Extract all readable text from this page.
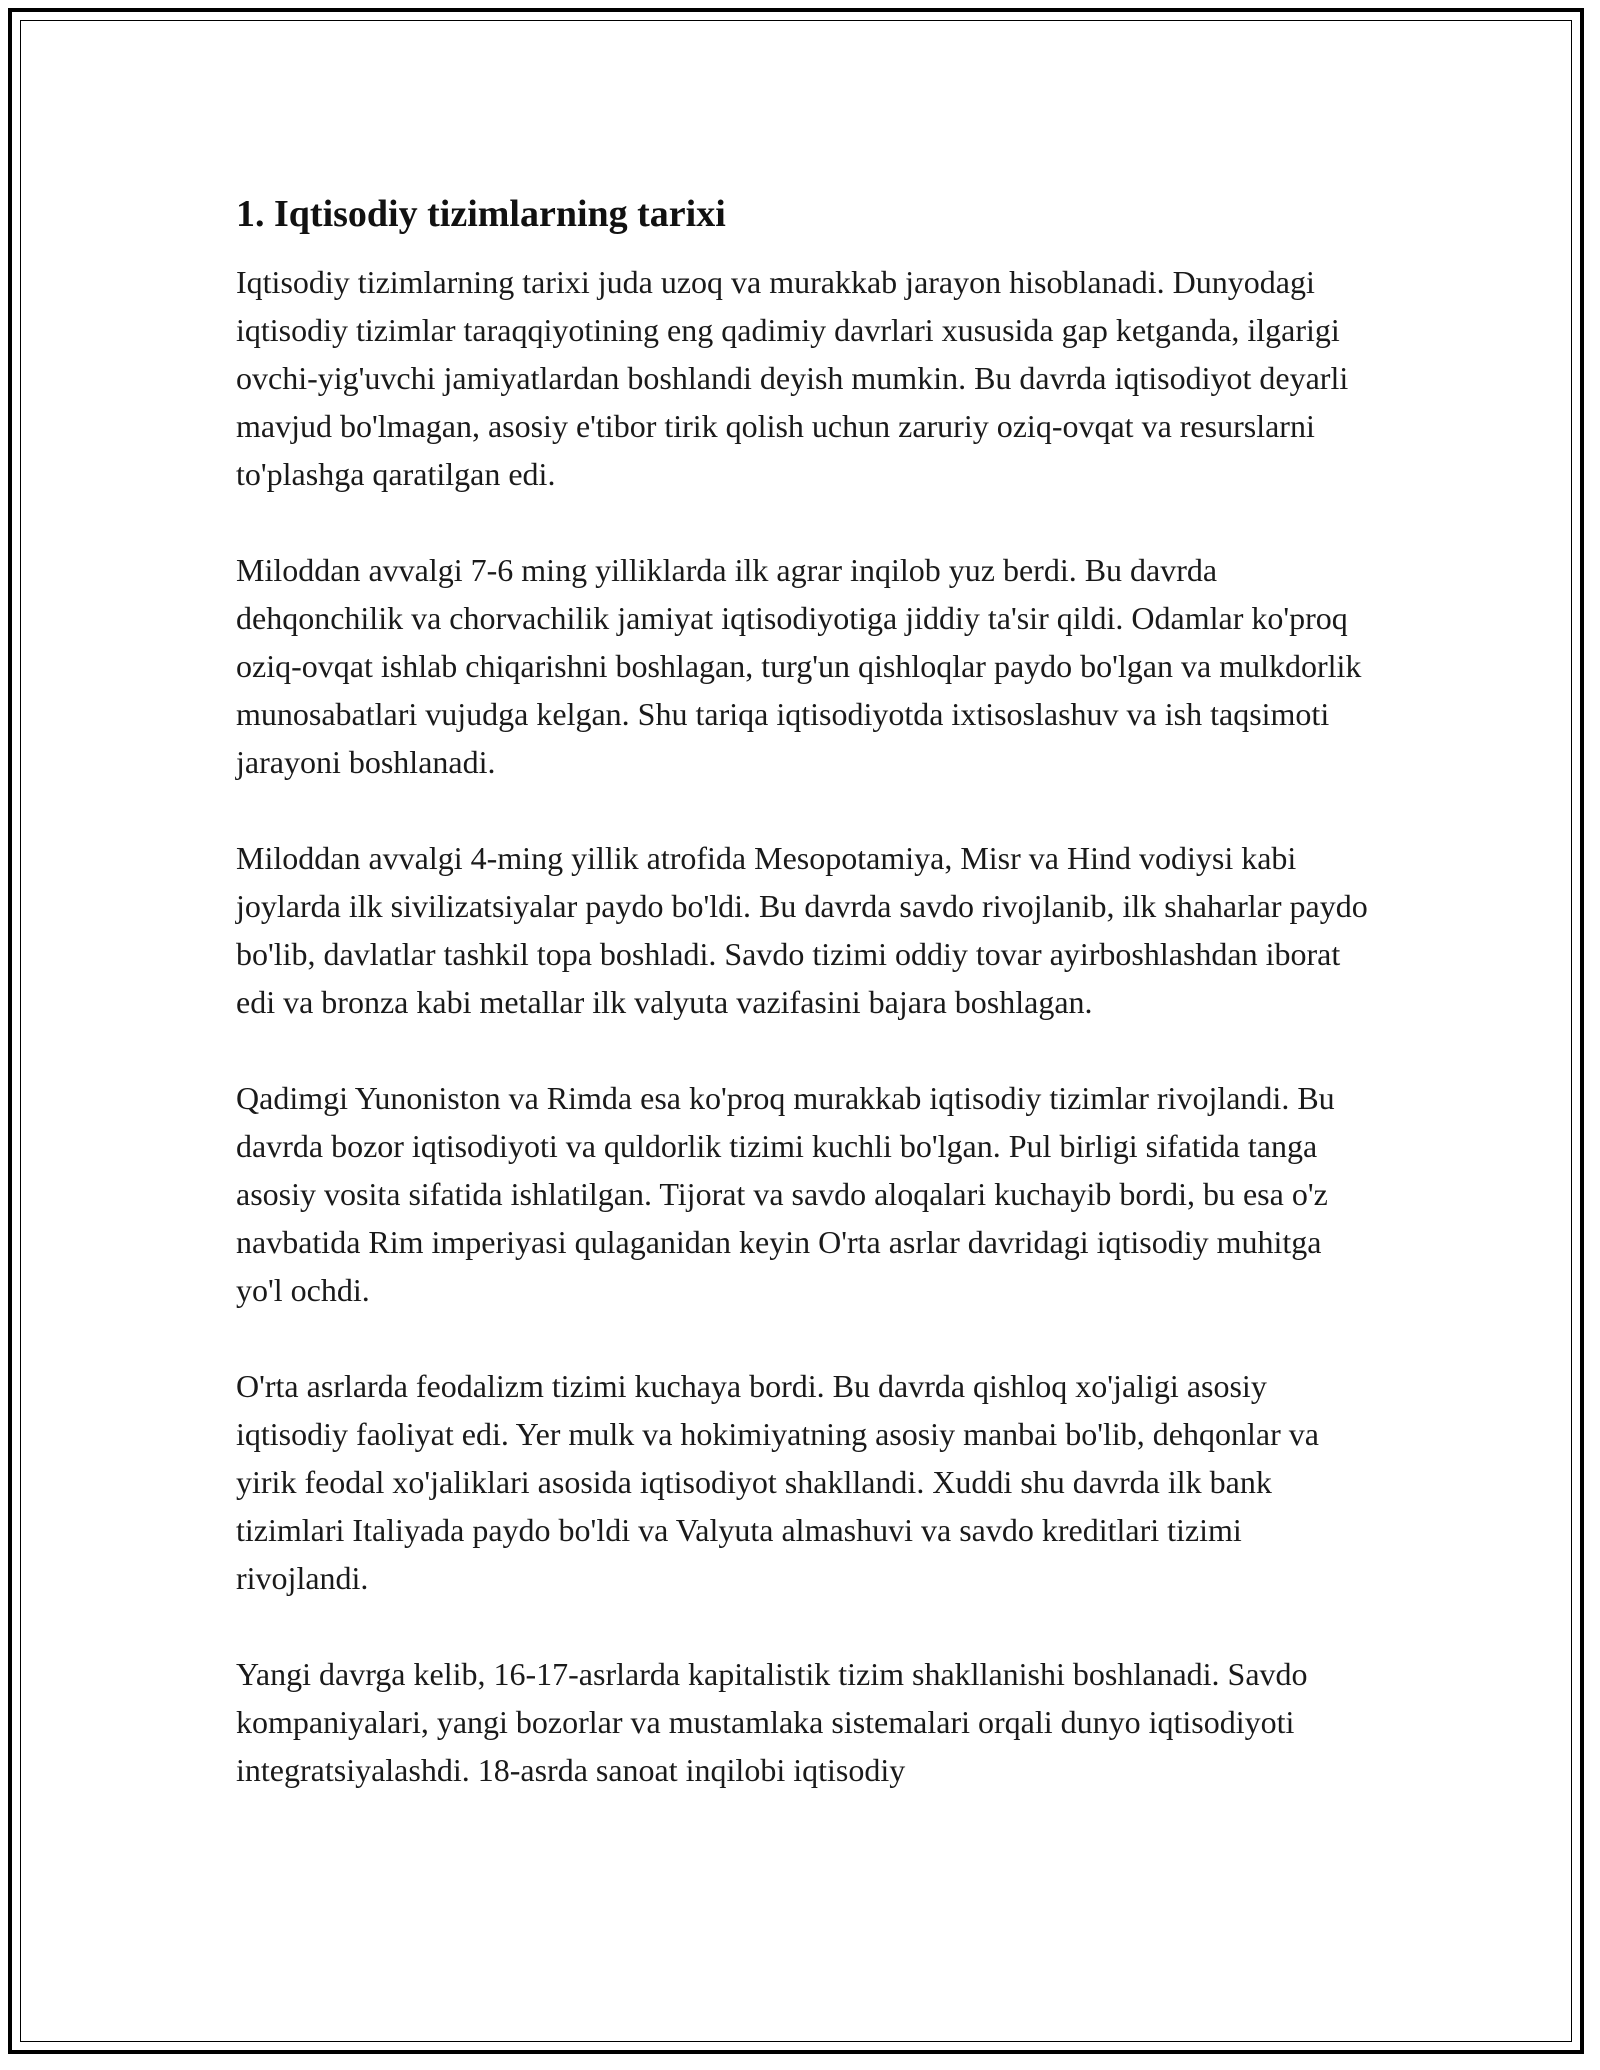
1. Iqtisodiy tizimlarning tarixi

Iqtisodiy tizimlarning tarixi juda uzoq va murakkab jarayon hisoblanadi. Dunyodagi iqtisodiy tizimlar taraqqiyotining eng qadimiy davrlari xususida gap ketganda, ilgarigi ovchi-yig'uvchi jamiyatlardan boshlandi deyish mumkin. Bu davrda iqtisodiyot deyarli mavjud bo'lmagan, asosiy e'tibor tirik qolish uchun zaruriy oziq-ovqat va resurslarni to'plashga qaratilgan edi.

Miloddan avvalgi 7-6 ming yilliklarda ilk agrar inqilob yuz berdi. Bu davrda dehqonchilik va chorvachilik jamiyat iqtisodiyotiga jiddiy ta'sir qildi. Odamlar ko'proq oziq-ovqat ishlab chiqarishni boshlagan, turg'un qishloqlar paydo bo'lgan va mulkdorlik munosabatlari vujudga kelgan. Shu tariqa iqtisodiyotda ixtisoslashuv va ish taqsimoti jarayoni boshlanadi.

Miloddan avvalgi 4-ming yillik atrofida Mesopotamiya, Misr va Hind vodiysi kabi joylarda ilk sivilizatsiyalar paydo bo'ldi. Bu davrda savdo rivojlanib, ilk shaharlar paydo bo'lib, davlatlar tashkil topa boshladi. Savdo tizimi oddiy tovar ayirboshlashdan iborat edi va bronza kabi metallar ilk valyuta vazifasini bajara boshlagan.

Qadimgi Yunoniston va Rimda esa ko'proq murakkab iqtisodiy tizimlar rivojlandi. Bu davrda bozor iqtisodiyoti va quldorlik tizimi kuchli bo'lgan. Pul birligi sifatida tanga asosiy vosita sifatida ishlatilgan. Tijorat va savdo aloqalari kuchayib bordi, bu esa o'z navbatida Rim imperiyasi qulaganidan keyin O'rta asrlar davridagi iqtisodiy muhitga yo'l ochdi.

O'rta asrlarda feodalizm tizimi kuchaya bordi. Bu davrda qishloq xo'jaligi asosiy iqtisodiy faoliyat edi. Yer mulk va hokimiyatning asosiy manbai bo'lib, dehqonlar va yirik feodal xo'jaliklari asosida iqtisodiyot shakllandi. Xuddi shu davrda ilk bank tizimlari Italiyada paydo bo'ldi va Valyuta almashuvi va savdo kreditlari tizimi rivojlandi.

Yangi davrga kelib, 16-17-asrlarda kapitalistik tizim shakllanishi boshlanadi. Savdo kompaniyalari, yangi bozorlar va mustamlaka sistemalari orqali dunyo iqtisodiyoti integratsiyalashdi. 18-asrda sanoat inqilobi iqtisodiy
